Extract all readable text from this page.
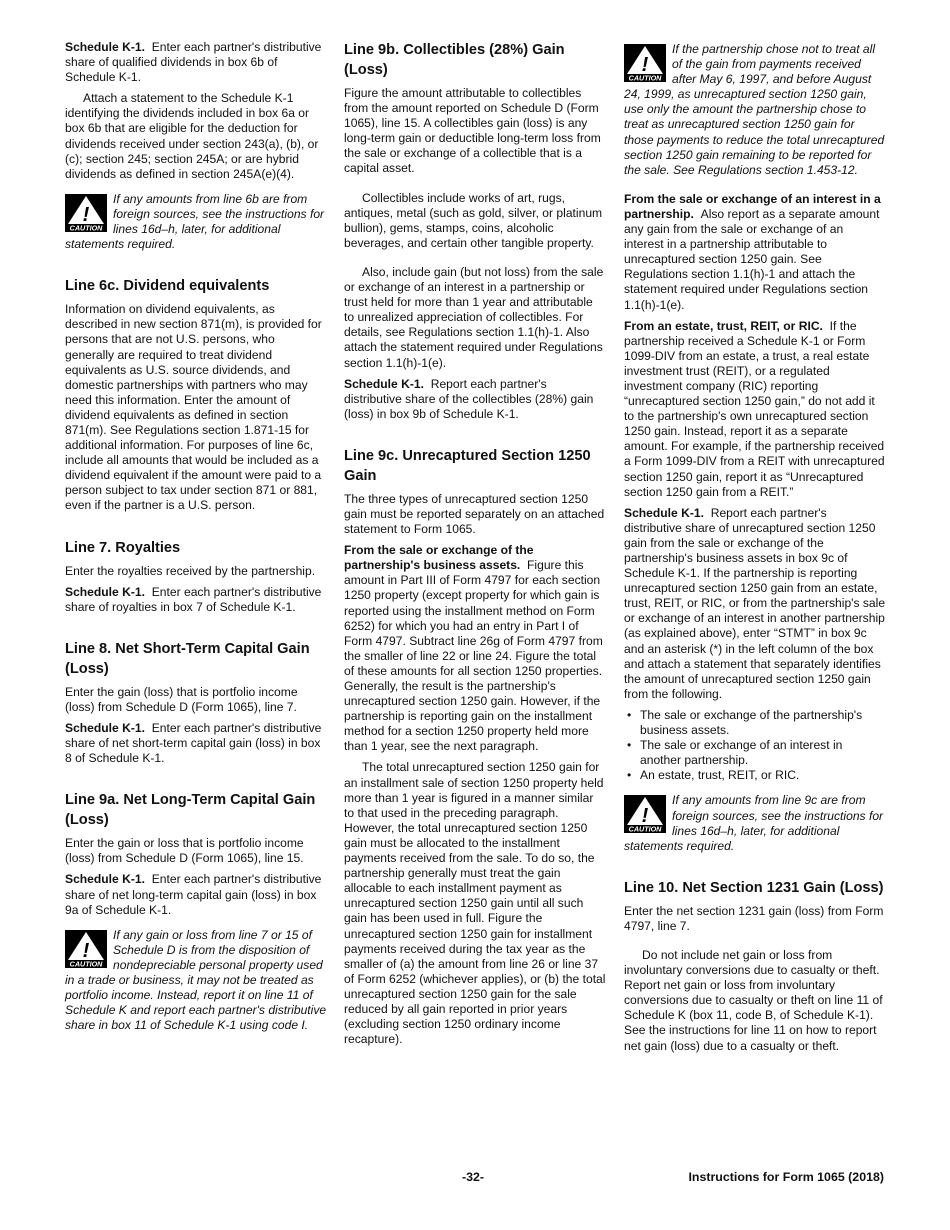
Schedule K-1. Enter each partner's distributive share of qualified dividends in box 6b of Schedule K-1.

Attach a statement to the Schedule K-1 identifying the dividends included in box 6a or box 6b that are eligible for the deduction for dividends received under section 243(a), (b), or (c); section 245; section 245A; or are hybrid dividends as defined in section 245A(e)(4).

!
CAUTION
If any amounts from line 6b are from foreign sources, see the instructions for lines 16d–h, later, for additional statements required.
Line 6c. Dividend equivalents

Information on dividend equivalents, as described in new section 871(m), is provided for persons that are not U.S. persons, who generally are required to treat dividend equivalents as U.S. source dividends, and domestic partnerships with partners who may need this information. Enter the amount of dividend equivalents as defined in section 871(m). See Regulations section 1.871-15 for additional information. For purposes of line 6c, include all amounts that would be included as a dividend equivalent if the amount were paid to a person subject to tax under section 871 or 881, even if the partner is a U.S. person.

Line 7. Royalties

Enter the royalties received by the partnership.

Schedule K-1. Enter each partner's distributive share of royalties in box 7 of Schedule K-1.

Line 8. Net Short-Term Capital Gain (Loss)

Enter the gain (loss) that is portfolio income (loss) from Schedule D (Form 1065), line 7.

Schedule K-1. Enter each partner's distributive share of net short-term capital gain (loss) in box 8 of Schedule K-1.

Line 9a. Net Long-Term Capital Gain (Loss)

Enter the gain or loss that is portfolio income (loss) from Schedule D (Form 1065), line 15.

Schedule K-1. Enter each partner's distributive share of net long-term capital gain (loss) in box 9a of Schedule K-1.

!
CAUTION
If any gain or loss from line 7 or 15 of Schedule D is from the disposition of nondepreciable personal property used in a trade or business, it may not be treated as portfolio income. Instead, report it on line 11 of Schedule K and report each partner's distributive share in box 11 of Schedule K-1 using code I.
Line 9b. Collectibles (28%) Gain (Loss)

Figure the amount attributable to collectibles from the amount reported on Schedule D (Form 1065), line 15. A collectibles gain (loss) is any long-term gain or deductible long-term loss from the sale or exchange of a collectible that is a capital asset.

Collectibles include works of art, rugs, antiques, metal (such as gold, silver, or platinum bullion), gems, stamps, coins, alcoholic beverages, and certain other tangible property.

Also, include gain (but not loss) from the sale or exchange of an interest in a partnership or trust held for more than 1 year and attributable to unrealized appreciation of collectibles. For details, see Regulations section 1.1(h)-1. Also attach the statement required under Regulations section 1.1(h)-1(e).

Schedule K-1. Report each partner's distributive share of the collectibles (28%) gain (loss) in box 9b of Schedule K-1.

Line 9c. Unrecaptured Section 1250 Gain

The three types of unrecaptured section 1250 gain must be reported separately on an attached statement to Form 1065.

From the sale or exchange of the partnership's business assets. Figure this amount in Part III of Form 4797 for each section 1250 property (except property for which gain is reported using the installment method on Form 6252) for which you had an entry in Part I of Form 4797. Subtract line 26g of Form 4797 from the smaller of line 22 or line 24. Figure the total of these amounts for all section 1250 properties. Generally, the result is the partnership's unrecaptured section 1250 gain. However, if the partnership is reporting gain on the installment method for a section 1250 property held more than 1 year, see the next paragraph.

The total unrecaptured section 1250 gain for an installment sale of section 1250 property held more than 1 year is figured in a manner similar to that used in the preceding paragraph. However, the total unrecaptured section 1250 gain must be allocated to the installment payments received from the sale. To do so, the partnership generally must treat the gain allocable to each installment payment as unrecaptured section 1250 gain until all such gain has been used in full. Figure the unrecaptured section 1250 gain for installment payments received during the tax year as the smaller of (a) the amount from line 26 or line 37 of Form 6252 (whichever applies), or (b) the total unrecaptured section 1250 gain for the sale reduced by all gain reported in prior years (excluding section 1250 ordinary income recapture).

!
CAUTION
If the partnership chose not to treat all of the gain from payments received after May 6, 1997, and before August 24, 1999, as unrecaptured section 1250 gain, use only the amount the partnership chose to treat as unrecaptured section 1250 gain for those payments to reduce the total unrecaptured section 1250 gain remaining to be reported for the sale. See Regulations section 1.453-12.

From the sale or exchange of an interest in a partnership. Also report as a separate amount any gain from the sale or exchange of an interest in a partnership attributable to unrecaptured section 1250 gain. See Regulations section 1.1(h)-1 and attach the statement required under Regulations section 1.1(h)-1(e).

From an estate, trust, REIT, or RIC. If the partnership received a Schedule K-1 or Form 1099-DIV from an estate, a trust, a real estate investment trust (REIT), or a regulated investment company (RIC) reporting “unrecaptured section 1250 gain,” do not add it to the partnership's own unrecaptured section 1250 gain. Instead, report it as a separate amount. For example, if the partnership received a Form 1099-DIV from a REIT with unrecaptured section 1250 gain, report it as “Unrecaptured section 1250 gain from a REIT.”

Schedule K-1. Report each partner's distributive share of unrecaptured section 1250 gain from the sale or exchange of the partnership's business assets in box 9c of Schedule K-1. If the partnership is reporting unrecaptured section 1250 gain from an estate, trust, REIT, or RIC, or from the partnership's sale or exchange of an interest in another partnership (as explained above), enter “STMT” in box 9c and an asterisk (*) in the left column of the box and attach a statement that separately identifies the amount of unrecaptured section 1250 gain from the following.

• The sale or exchange of the partnership's business assets.
• The sale or exchange of an interest in another partnership.
• An estate, trust, REIT, or RIC.
!
CAUTION
If any amounts from line 9c are from foreign sources, see the instructions for lines 16d–h, later, for additional statements required.
Line 10. Net Section 1231 Gain (Loss)

Enter the net section 1231 gain (loss) from Form 4797, line 7.

Do not include net gain or loss from involuntary conversions due to casualty or theft. Report net gain or loss from involuntary conversions due to casualty or theft on line 11 of Schedule K (box 11, code B, of Schedule K-1). See the instructions for line 11 on how to report net gain (loss) due to a casualty or theft.

-32-	Instructions for Form 1065 (2018)
